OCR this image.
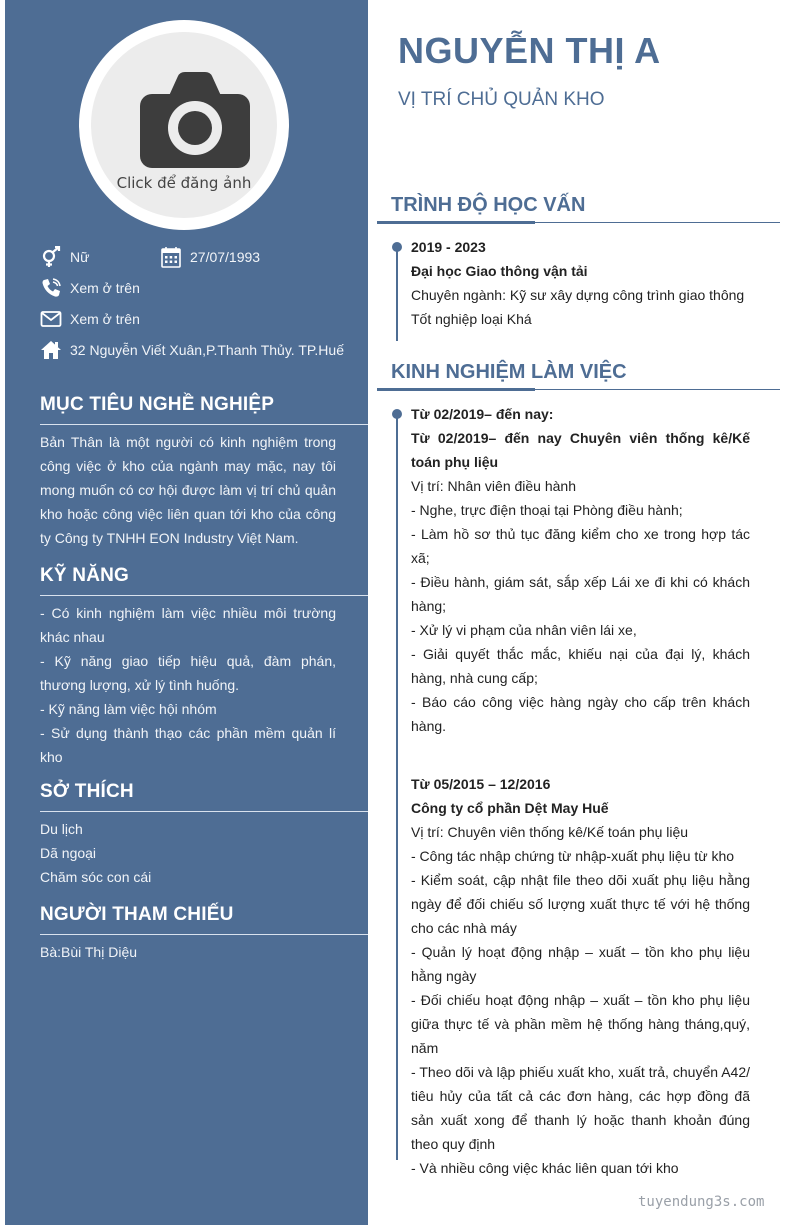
Click để đăng ảnh
Nữ	27/07/1993
Xem ở trên
Xem ở trên
32 Nguyễn Viết Xuân,P.Thanh Thủy. TP.Huế
MỤC TIÊU NGHỀ NGHIỆP
Bản Thân là một người có kinh nghiệm trong công việc ở kho của ngành may mặc, nay tôi mong muốn có cơ hội được làm vị trí chủ quản kho hoặc công việc liên quan tới kho của công ty Công ty TNHH EON Industry Việt Nam.
KỸ NĂNG
- Có kinh nghiệm làm việc nhiều môi trường khác nhau
- Kỹ năng giao tiếp hiệu quả, đàm phán, thương lượng, xử lý tình huống.
- Kỹ năng làm việc hội nhóm
- Sử dụng thành thạo các phần mềm quản lí kho
SỞ THÍCH
Du lịch
Dã ngoại
Chăm sóc con cái
NGƯỜI THAM CHIẾU
Bà:Bùi Thị Diệu
NGUYỄN THỊ A
VỊ TRÍ CHỦ QUẢN KHO
TRÌNH ĐỘ HỌC VẤN
2019 - 2023
Đại học Giao thông vận tải
Chuyên ngành: Kỹ sư xây dựng công trình giao thông
Tốt nghiệp loại Khá
KINH NGHIỆM LÀM VIỆC
Từ 02/2019– đến nay:
Từ 02/2019– đến nay Chuyên viên thống kê/Kế toán phụ liệu
Vị trí: Nhân viên điều hành
- Nghe, trực điện thoại tại Phòng điều hành;
- Làm hồ sơ thủ tục đăng kiểm cho xe trong hợp tác xã;
- Điều hành, giám sát, sắp xếp Lái xe đi khi có khách hàng;
- Xử lý vi phạm của nhân viên lái xe,
- Giải quyết thắc mắc, khiếu nại của đại lý, khách hàng, nhà cung cấp;
- Báo cáo công việc hàng ngày cho cấp trên khách hàng.
Từ 05/2015 – 12/2016
Công ty cổ phần Dệt May Huế
Vị trí: Chuyên viên thống kê/Kế toán phụ liệu
- Công tác nhập chứng từ nhập-xuất phụ liệu từ kho
- Kiểm soát, cập nhật file theo dõi xuất phụ liệu hằng ngày để đối chiếu số lượng xuất thực tế với hệ thống cho các nhà máy
- Quản lý hoạt động nhập – xuất – tồn kho phụ liệu hằng ngày
- Đối chiếu hoạt động nhập – xuất – tồn kho phụ liệu giữa thực tế và phần mềm hệ thống hàng tháng,quý, năm
- Theo dõi và lập phiếu xuất kho, xuất trả, chuyển A42/ tiêu hủy của tất cả các đơn hàng, các hợp đồng đã sản xuất xong để thanh lý hoặc thanh khoản đúng theo quy định
- Và nhiều công việc khác liên quan tới kho
tuyendung3s.com
